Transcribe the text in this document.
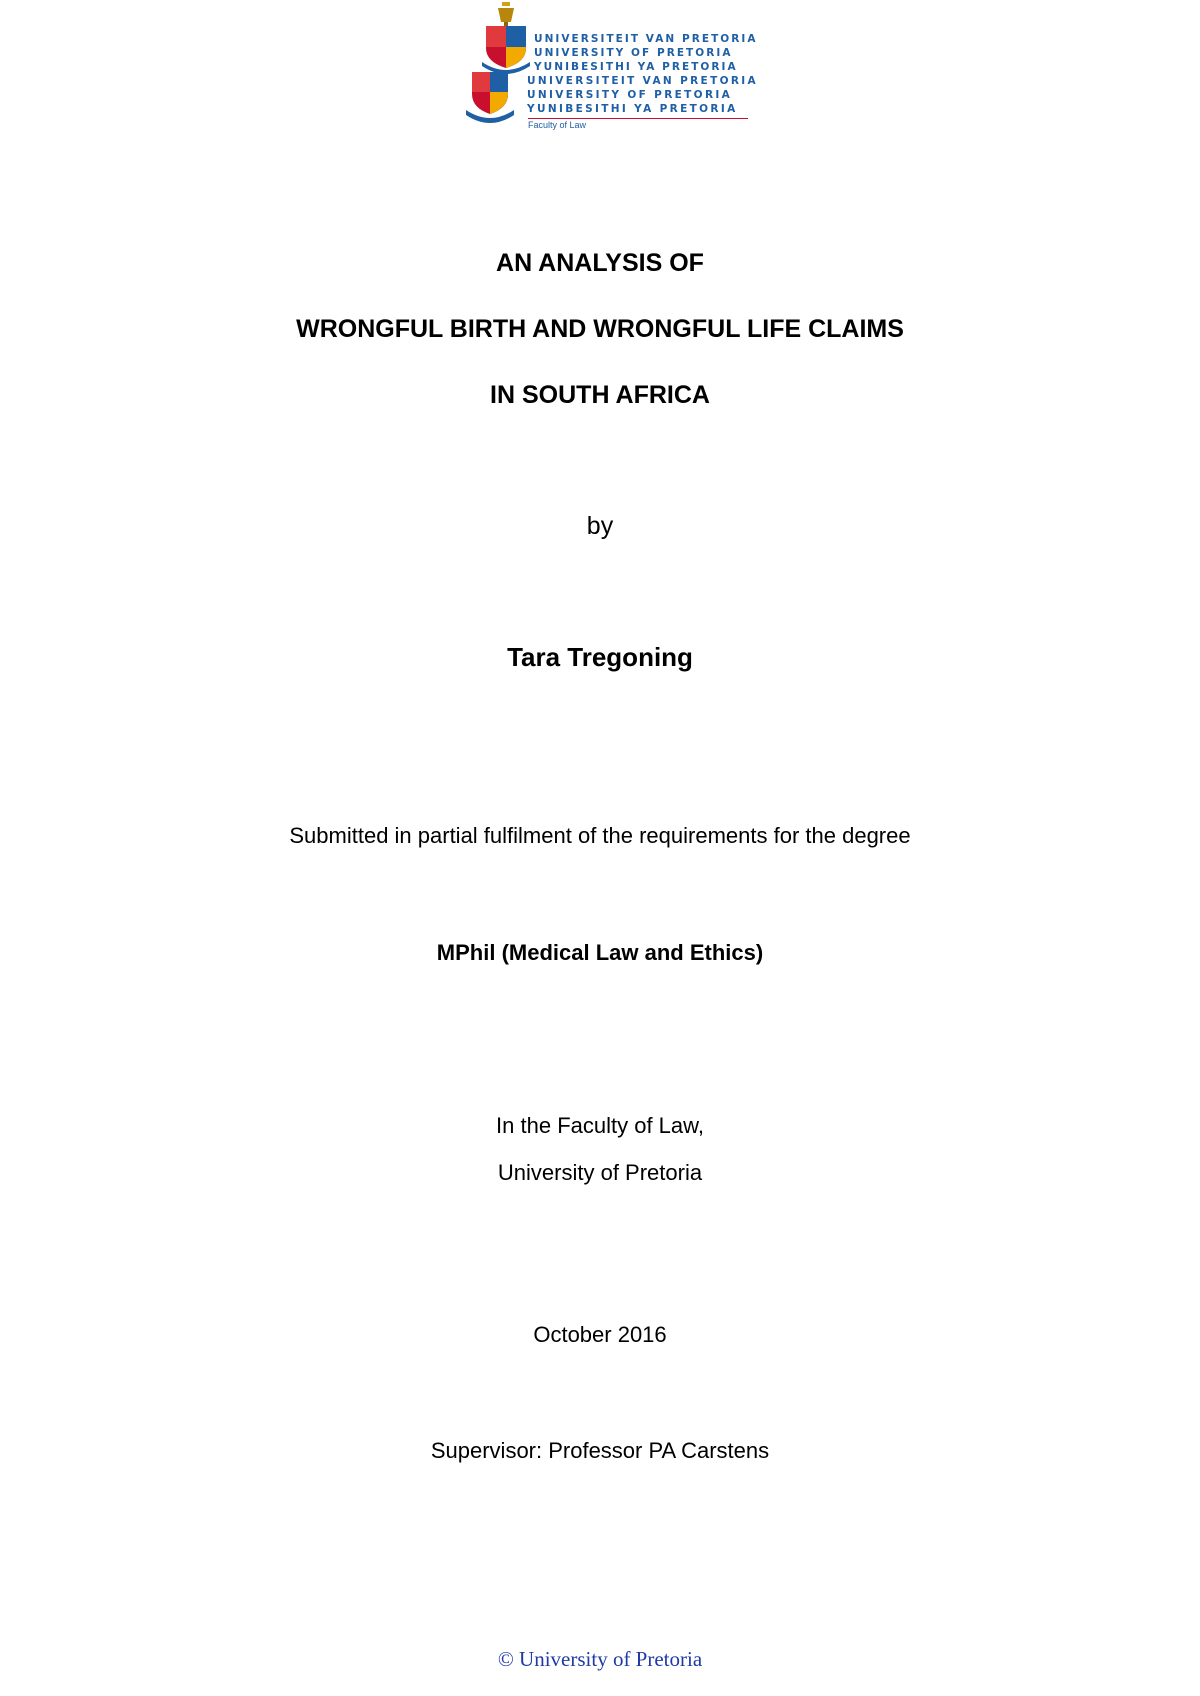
UNIVERSITEIT VAN PRETORIA
UNIVERSITY OF PRETORIA
YUNIBESITHI YA PRETORIA
UNIVERSITEIT VAN PRETORIA
UNIVERSITY OF PRETORIA
YUNIBESITHI YA PRETORIA
Faculty of Law
AN ANALYSIS OF
WRONGFUL BIRTH AND WRONGFUL LIFE CLAIMS
IN SOUTH AFRICA
by
Tara Tregoning
Submitted in partial fulfilment of the requirements for the degree
MPhil (Medical Law and Ethics)
In the Faculty of Law,
University of Pretoria
October 2016
Supervisor: Professor PA Carstens
© University of Pretoria
